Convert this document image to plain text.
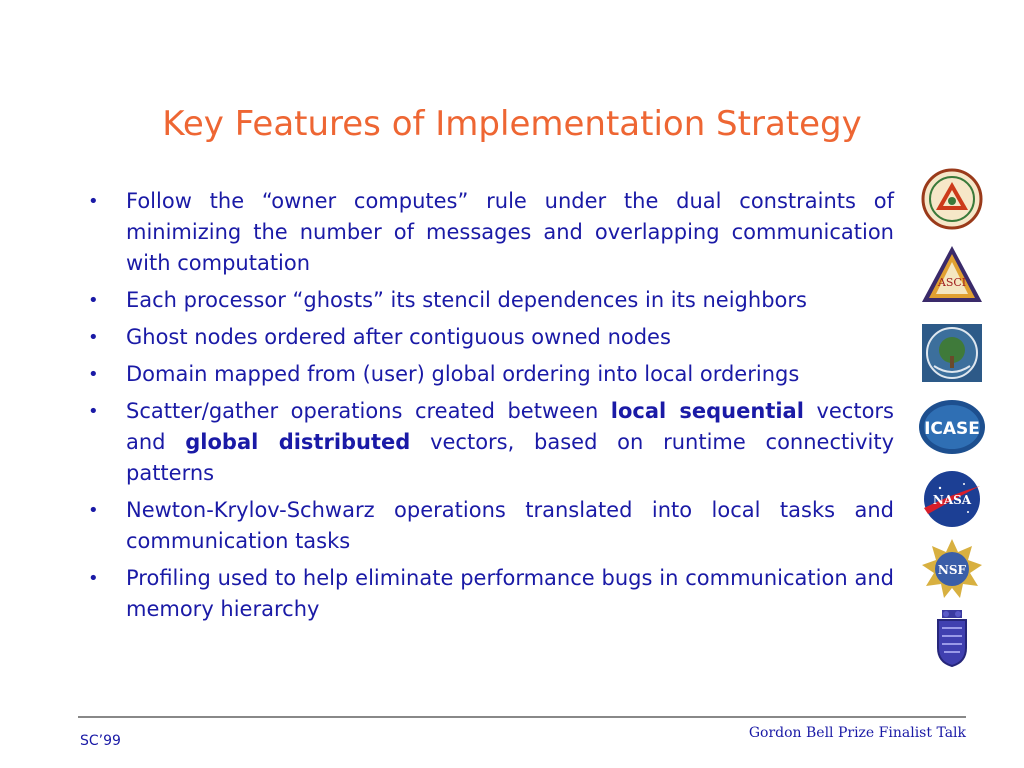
Key Features of Implementation Strategy
• Follow the “owner computes” rule under the dual constraints of minimizing the number of messages and overlapping communication with computation
• Each processor “ghosts” its stencil dependences in its neighbors
• Ghost nodes ordered after contiguous owned nodes
• Domain mapped from (user) global ordering into local orderings
• Scatter/gather operations created between local sequential vectors and global distributed vectors, based on runtime connectivity patterns
• Newton-Krylov-Schwarz operations translated into local tasks and communication tasks
• Profiling used to help eliminate performance bugs in communication and memory hierarchy
ASCI
ICASE
NASA
NSF
SC’99	Gordon Bell Prize Finalist Talk
